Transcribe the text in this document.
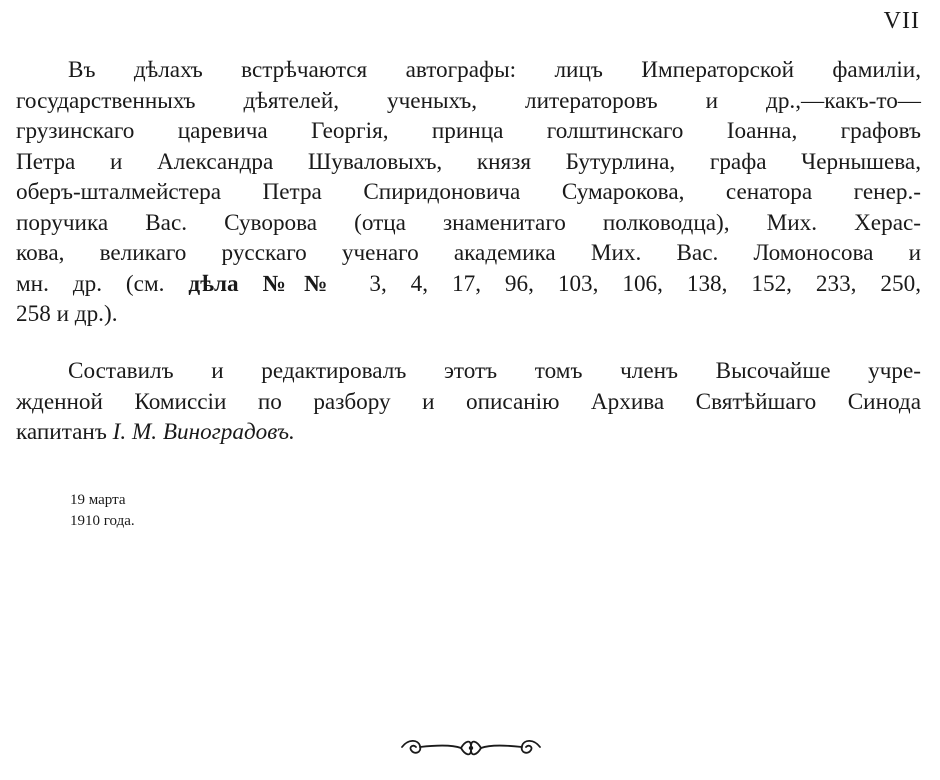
VII
Въ дѣлахъ встрѣчаются автографы: лицъ Императорской фамилiи,
государственныхъ дѣятелей, ученыхъ, литераторовъ и др.,—какъ-то—
грузинскаго царевича Георгiя, принца голштинскаго Iоанна, графовъ
Петра и Александра Шуваловыхъ, князя Бутурлина, графа Чернышева,
оберъ-шталмейстера Петра Спиридоновича Сумарокова, сенатора генер.-
поручика Вас. Суворова (отца знаменитаго полководца), Мих. Херас-
кова, великаго русскаго ученаго академика Мих. Вас. Ломоносова и
мн. др. (см. дѣла №№ 3, 4, 17, 96, 103, 106, 138, 152, 233, 250,
258 и др.).
Составилъ и редактировалъ этотъ томъ членъ Высочайше учре-
жденной Комиссiи по разбору и описанiю Архива Святѣйшаго Синода
капитанъ I. М. Виноградовъ.
19 марта
1910 года.
